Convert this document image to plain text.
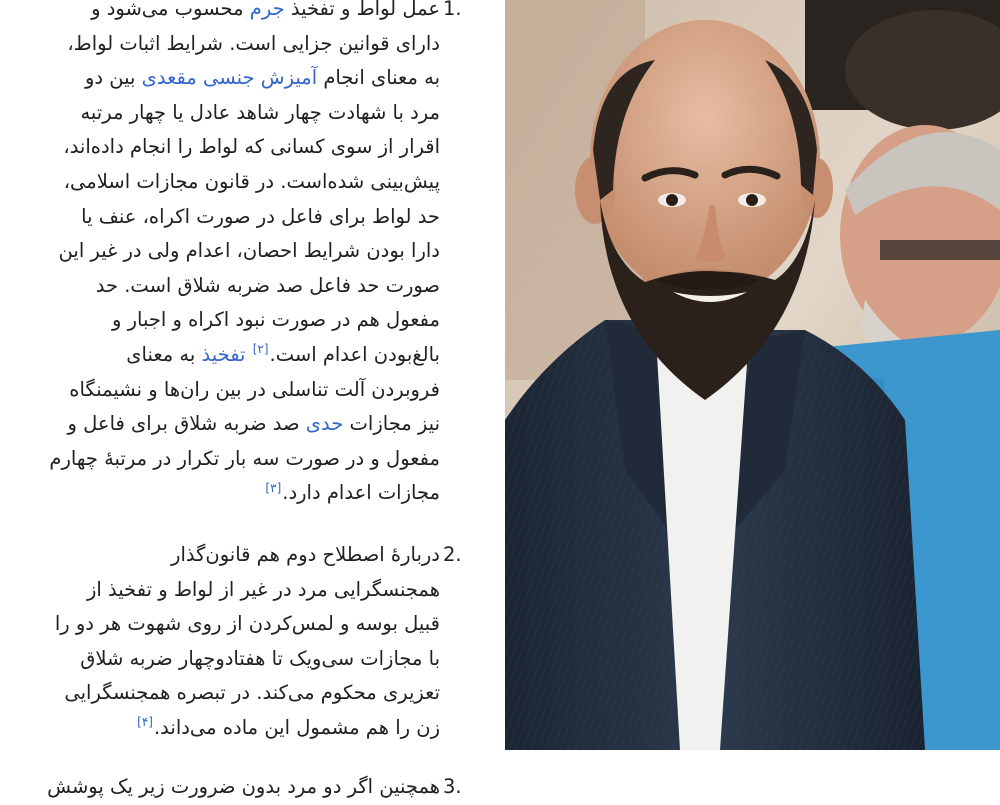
1.
عمل لواط و تفخیذ جرم محسوب می‌شود و
دارای قوانین جزایی است. شرایط اثبات لواط،
به معنای انجام آمیزش جنسی مقعدی بین دو
مرد با شهادت چهار شاهد عادل یا چهار مرتبه
اقرار از سوی کسانی که لواط را انجام داده‌اند،
پیش‌بینی شده‌است. در قانون مجازات اسلامی،
حد لواط برای فاعل در صورت اکراه، عنف یا
دارا بودن شرایط احصان، اعدام ولی در غیر این
صورت حد فاعل صد ضربه شلاق است. حد
مفعول هم در صورت نبود اکراه و اجبار و
بالغ‌بودن اعدام است.[۲] تفخیذ به معنای
فروبردن آلت تناسلی در بین ران‌ها و نشیمنگاه
نیز مجازات حدی صد ضربه شلاق برای فاعل و
مفعول و در صورت سه بار تکرار در مرتبهٔ چهارم
مجازات اعدام دارد.[۳]
2.
دربارهٔ اصطلاح دوم هم قانون‌گذار
همجنسگرایی مرد در غیر از لواط و تفخیذ از
قبیل بوسه و لمس‌کردن از روی شهوت هر دو را
با مجازات سی‌ویک تا هفتادوچهار ضربه شلاق
تعزیری محکوم می‌کند. در تبصره همجنسگرایی
زن را هم مشمول این ماده می‌داند.[۴]
3.
همچنین اگر دو مرد بدون ضرورت زیر یک پوشش
